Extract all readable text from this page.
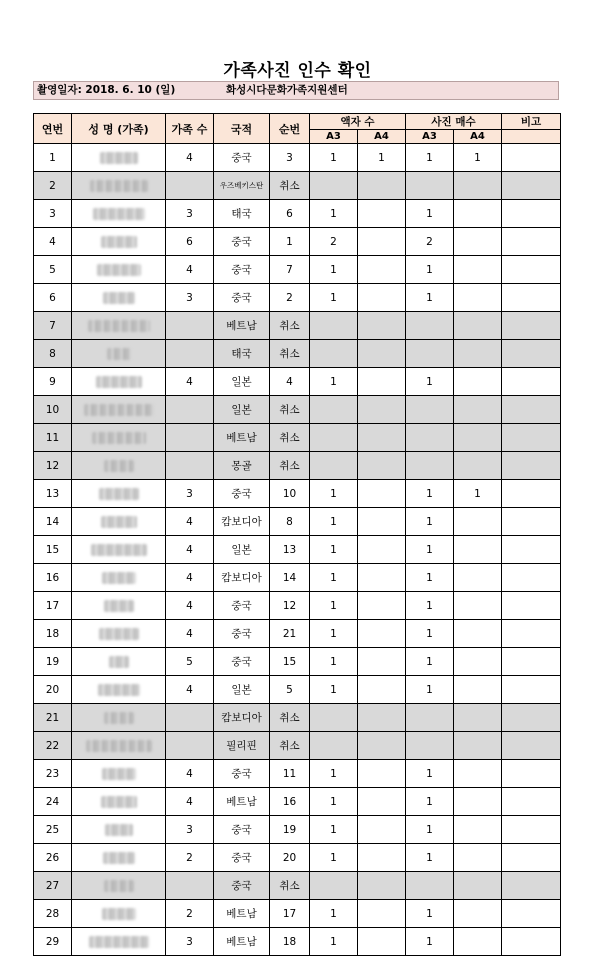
가족사진 인수 확인
촬영일자: 2018. 6. 10 (일)	화성시다문화가족지원센터
연번	성 명 (가족)	가족 수	국적	순번	액자 수		사진 매수		비고
					A3	A4	A3	A4	
1		4	중국	3	1	1	1	1	
2			우즈베키스탄	취소					
3		3	태국	6	1		1		
4		6	중국	1	2		2		
5		4	중국	7	1		1		
6		3	중국	2	1		1		
7			베트남	취소					
8			태국	취소					
9		4	일본	4	1		1		
10			일본	취소					
11			베트남	취소					
12			몽골	취소					
13		3	중국	10	1		1	1	
14		4	캄보디아	8	1		1		
15		4	일본	13	1		1		
16		4	캄보디아	14	1		1		
17		4	중국	12	1		1		
18		4	중국	21	1		1		
19		5	중국	15	1		1		
20		4	일본	5	1		1		
21			캄보디아	취소					
22			필리핀	취소					
23		4	중국	11	1		1		
24		4	베트남	16	1		1		
25		3	중국	19	1		1		
26		2	중국	20	1		1		
27			중국	취소					
28		2	베트남	17	1		1		
29		3	베트남	18	1		1		
